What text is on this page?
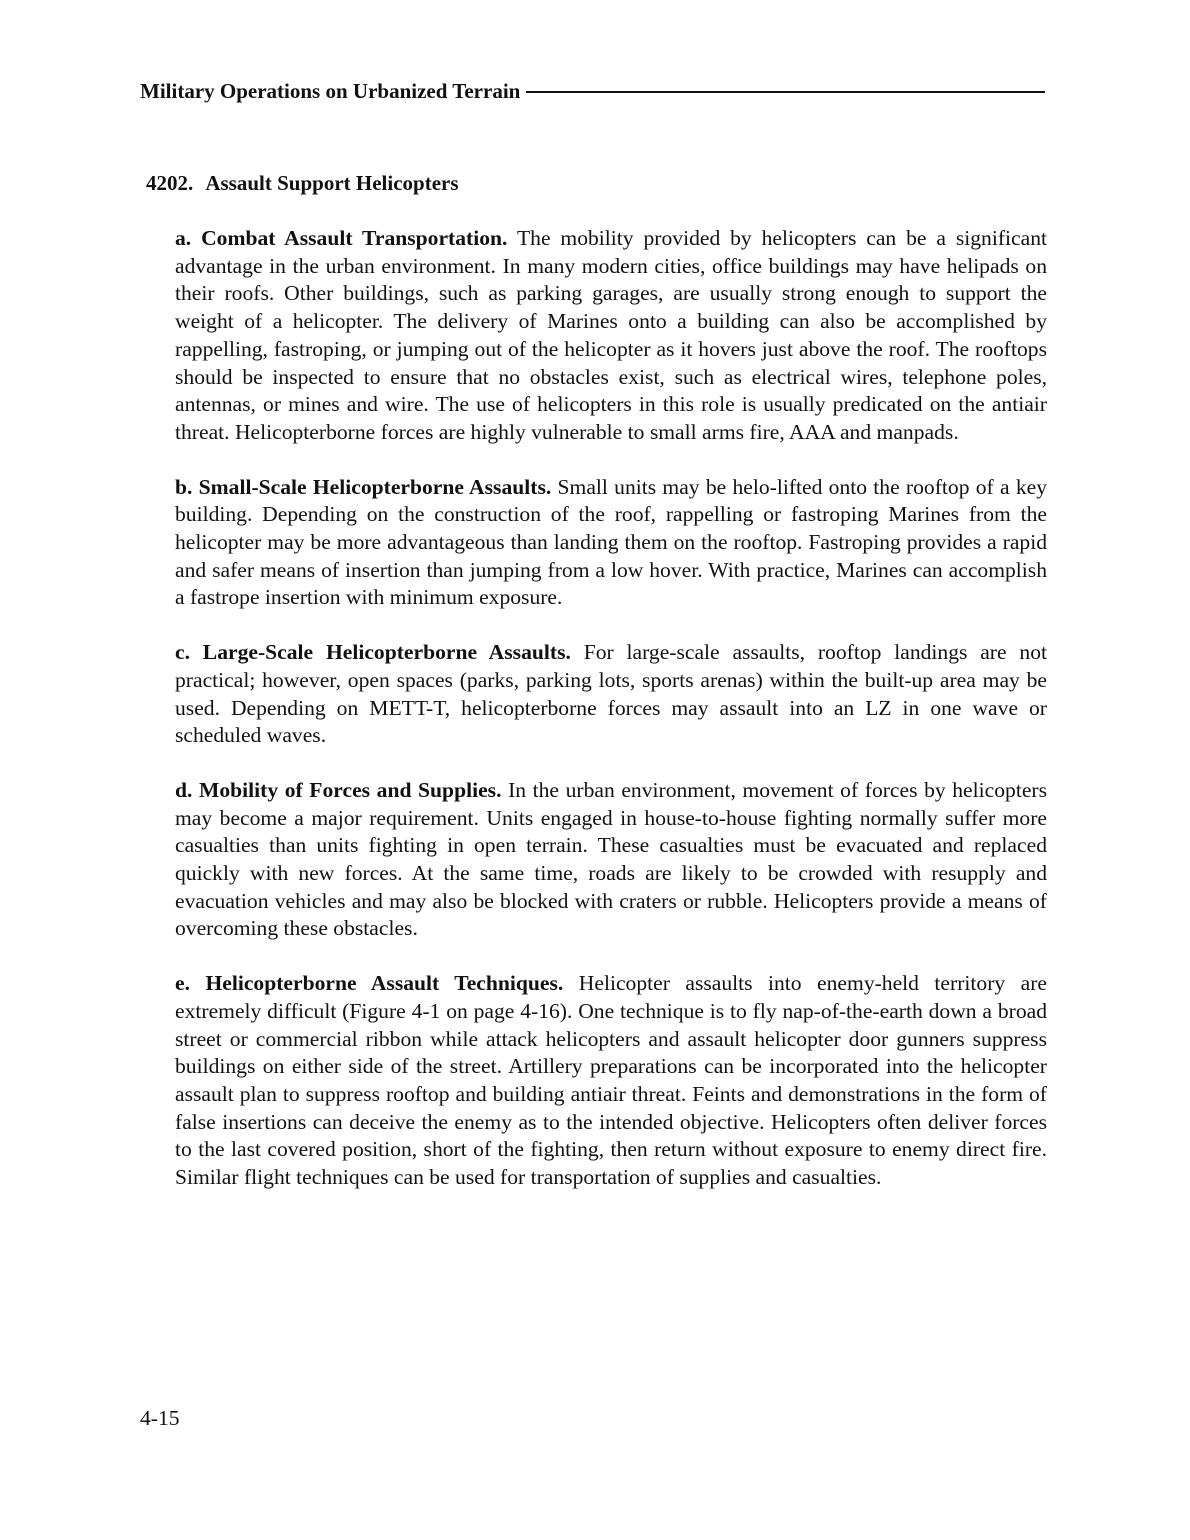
Military Operations on Urbanized Terrain
4202. Assault Support Helicopters

a. Combat Assault Transportation. The mobility provided by helicopters can be a significant advantage in the urban environment. In many modern cities, office buildings may have helipads on their roofs. Other buildings, such as parking garages, are usually strong enough to support the weight of a helicopter. The delivery of Marines onto a building can also be accomplished by rappelling, fastroping, or jumping out of the helicopter as it hovers just above the roof. The rooftops should be inspected to ensure that no obstacles exist, such as electrical wires, telephone poles, antennas, or mines and wire. The use of helicopters in this role is usually predicated on the antiair threat. Helicopterborne forces are highly vulnerable to small arms fire, AAA and manpads.

b. Small-Scale Helicopterborne Assaults. Small units may be helo-lifted onto the rooftop of a key building. Depending on the construction of the roof, rappelling or fastroping Marines from the helicopter may be more advantageous than landing them on the rooftop. Fastroping provides a rapid and safer means of insertion than jumping from a low hover. With practice, Marines can accomplish a fastrope insertion with minimum exposure.

c. Large-Scale Helicopterborne Assaults. For large-scale assaults, rooftop landings are not practical; however, open spaces (parks, parking lots, sports arenas) within the built-up area may be used. Depending on METT-T, helicopterborne forces may assault into an LZ in one wave or scheduled waves.

d. Mobility of Forces and Supplies. In the urban environment, movement of forces by helicopters may become a major requirement. Units engaged in house-to-house fighting normally suffer more casualties than units fighting in open terrain. These casualties must be evacuated and replaced quickly with new forces. At the same time, roads are likely to be crowded with resupply and evacuation vehicles and may also be blocked with craters or rubble. Helicopters provide a means of overcoming these obstacles.

e. Helicopterborne Assault Techniques. Helicopter assaults into enemy-held territory are extremely difficult (Figure 4-1 on page 4-16). One technique is to fly nap-of-the-earth down a broad street or commercial ribbon while attack helicopters and assault helicopter door gunners suppress buildings on either side of the street. Artillery preparations can be incorporated into the helicopter assault plan to suppress rooftop and building antiair threat. Feints and demonstrations in the form of false insertions can deceive the enemy as to the intended objective. Helicopters often deliver forces to the last covered position, short of the fighting, then return without exposure to enemy direct fire. Similar flight techniques can be used for transportation of supplies and casualties.

4-15
